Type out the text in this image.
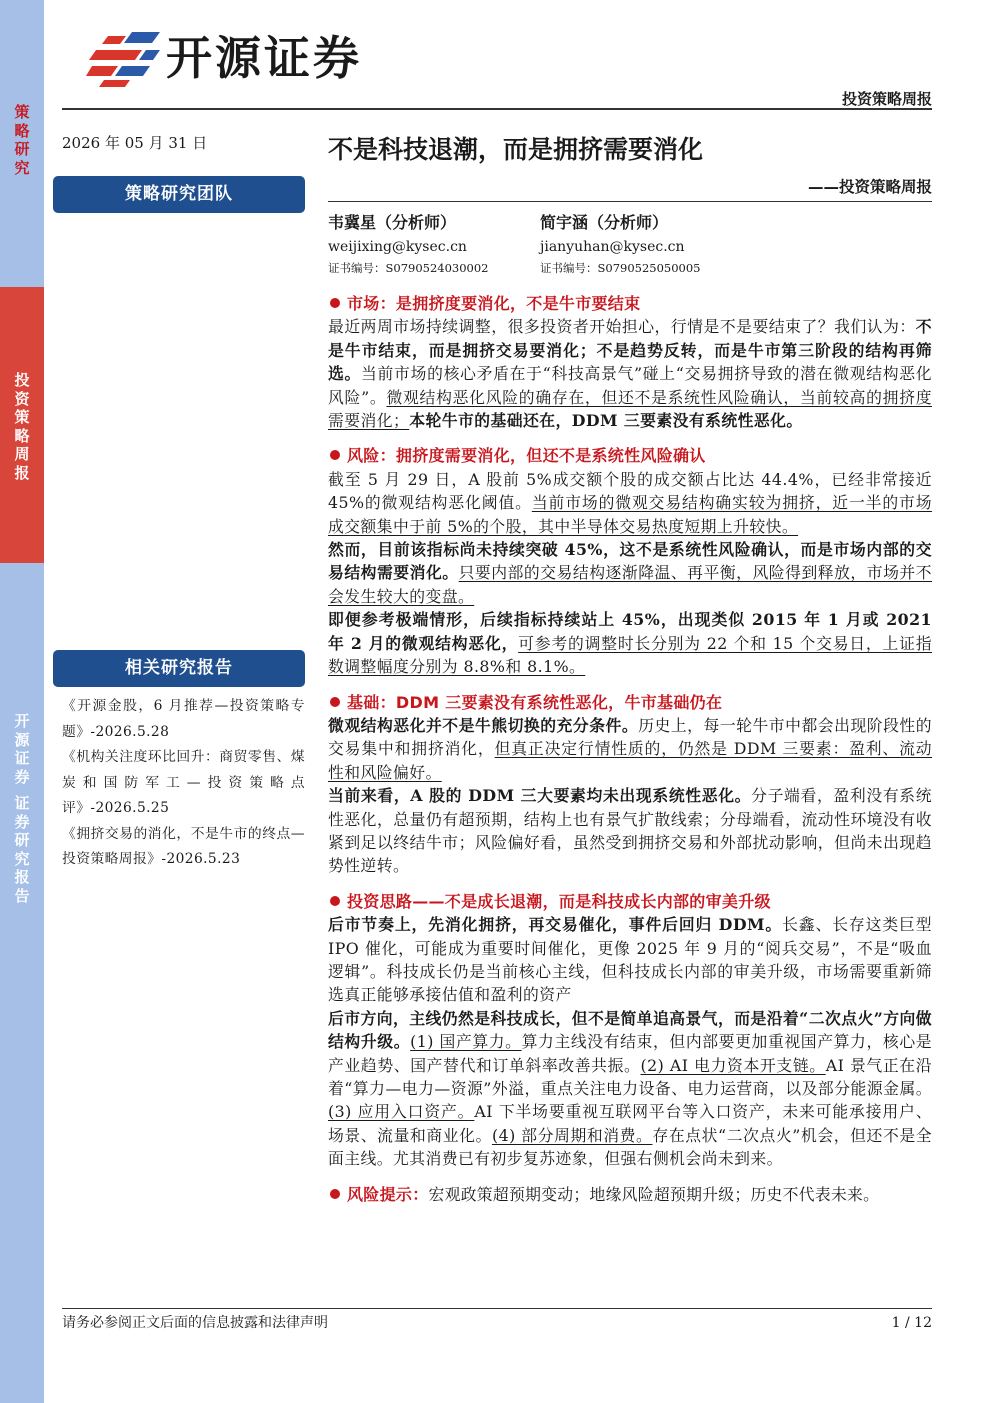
策略研究
投资策略周报
开源证券
证券研究报告
开源证券
投资策略周报
2026 年 05 月 31 日
策略研究团队
相关研究报告
《开源金股，6 月推荐—投资策略专题》-2026.5.28
《机构关注度环比回升：商贸零售、煤炭和国防军工—投资策略点评》-2026.5.25
《拥挤交易的消化，不是牛市的终点—投资策略周报》-2026.5.23
不是科技退潮，而是拥挤需要消化
——投资策略周报
韦冀星（分析师）
weijixing@kysec.cn
证书编号：S0790524030002
简宇涵（分析师）
jianyuhan@kysec.cn
证书编号：S0790525050005
市场：是拥挤度要消化，不是牛市要结束
最近两周市场持续调整，很多投资者开始担心，行情是不是要结束了？我们认为：不是牛市结束，而是拥挤交易要消化；不是趋势反转，而是牛市第三阶段的结构再筛选。当前市场的核心矛盾在于“科技高景气”碰上“交易拥挤导致的潜在微观结构恶化风险”。微观结构恶化风险的确存在，但还不是系统性风险确认，当前较高的拥挤度需要消化；本轮牛市的基础还在，DDM 三要素没有系统性恶化。
风险：拥挤度需要消化，但还不是系统性风险确认
截至 5 月 29 日，A 股前 5%成交额个股的成交额占比达 44.4%，已经非常接近 45%的微观结构恶化阈值。当前市场的微观交易结构确实较为拥挤，近一半的市场成交额集中于前 5%的个股，其中半导体交易热度短期上升较快。
然而，目前该指标尚未持续突破 45%，这不是系统性风险确认，而是市场内部的交易结构需要消化。只要内部的交易结构逐渐降温、再平衡，风险得到释放，市场并不会发生较大的变盘。
即便参考极端情形，后续指标持续站上 45%，出现类似 2015 年 1 月或 2021 年 2 月的微观结构恶化，可参考的调整时长分别为 22 个和 15 个交易日，上证指数调整幅度分别为 8.8%和 8.1%。
基础：DDM 三要素没有系统性恶化，牛市基础仍在
微观结构恶化并不是牛熊切换的充分条件。历史上，每一轮牛市中都会出现阶段性的交易集中和拥挤消化，但真正决定行情性质的，仍然是 DDM 三要素：盈利、流动性和风险偏好。
当前来看，A 股的 DDM 三大要素均未出现系统性恶化。分子端看，盈利没有系统性恶化，总量仍有超预期，结构上也有景气扩散线索；分母端看，流动性环境没有收紧到足以终结牛市；风险偏好看，虽然受到拥挤交易和外部扰动影响，但尚未出现趋势性逆转。
投资思路——不是成长退潮，而是科技成长内部的审美升级
后市节奏上，先消化拥挤，再交易催化，事件后回归 DDM。长鑫、长存这类巨型 IPO 催化，可能成为重要时间催化，更像 2025 年 9 月的“阅兵交易”，不是“吸血逻辑”。科技成长仍是当前核心主线，但科技成长内部的审美升级，市场需要重新筛选真正能够承接估值和盈利的资产
后市方向，主线仍然是科技成长，但不是简单追高景气，而是沿着“二次点火”方向做结构升级。(1) 国产算力。算力主线没有结束，但内部要更加重视国产算力，核心是产业趋势、国产替代和订单斜率改善共振。(2) AI 电力资本开支链。AI 景气正在沿着“算力—电力—资源”外溢，重点关注电力设备、电力运营商，以及部分能源金属。(3) 应用入口资产。AI 下半场要重视互联网平台等入口资产，未来可能承接用户、场景、流量和商业化。(4) 部分周期和消费。存在点状“二次点火”机会，但还不是全面主线。尤其消费已有初步复苏迹象，但强右侧机会尚未到来。
风险提示：宏观政策超预期变动；地缘风险超预期升级；历史不代表未来。
请务必参阅正文后面的信息披露和法律声明	1 / 12
